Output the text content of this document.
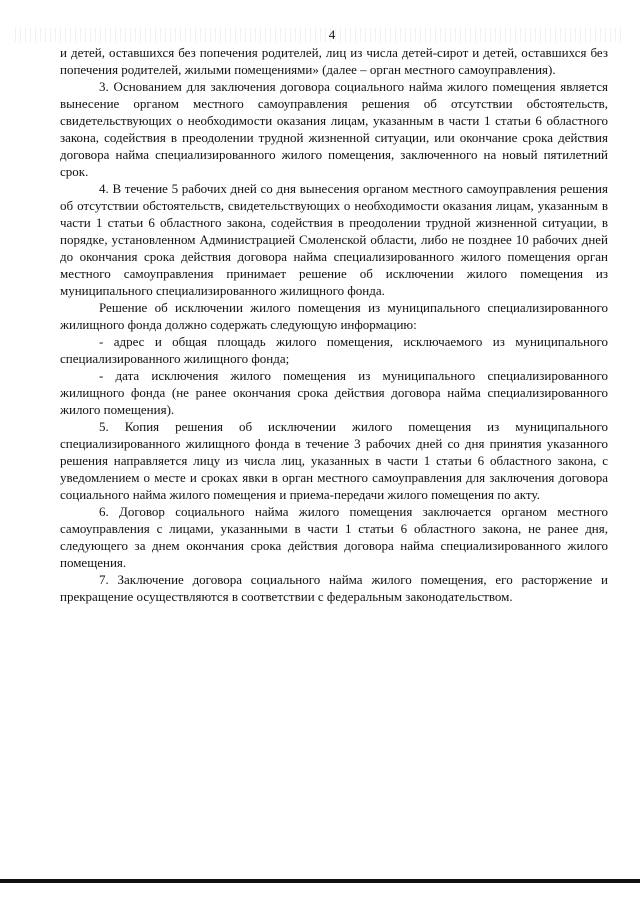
4

и детей, оставшихся без попечения родителей, лиц из числа детей-сирот и детей, оставшихся без попечения родителей, жилыми помещениями» (далее – орган местного самоуправления).

3. Основанием для заключения договора социального найма жилого помещения является вынесение органом местного самоуправления решения об отсутствии обстоятельств, свидетельствующих о необходимости оказания лицам, указанным в части 1 статьи 6 областного закона, содействия в преодолении трудной жизненной ситуации, или окончание срока действия договора найма специализированного жилого помещения, заключенного на новый пятилетний срок.

4. В течение 5 рабочих дней со дня вынесения органом местного самоуправления решения об отсутствии обстоятельств, свидетельствующих о необходимости оказания лицам, указанным в части 1 статьи 6 областного закона, содействия в преодолении трудной жизненной ситуации, в порядке, установленном Администрацией Смоленской области, либо не позднее 10 рабочих дней до окончания срока действия договора найма специализированного жилого помещения орган местного самоуправления принимает решение об исключении жилого помещения из муниципального специализированного жилищного фонда.

Решение об исключении жилого помещения из муниципального специализированного жилищного фонда должно содержать следующую информацию:

- адрес и общая площадь жилого помещения, исключаемого из муниципального специализированного жилищного фонда;

- дата исключения жилого помещения из муниципального специализированного жилищного фонда (не ранее окончания срока действия договора найма специализированного жилого помещения).

5. Копия решения об исключении жилого помещения из муниципального специализированного жилищного фонда в течение 3 рабочих дней со дня принятия указанного решения направляется лицу из числа лиц, указанных в части 1 статьи 6 областного закона, с уведомлением о месте и сроках явки в орган местного самоуправления для заключения договора социального найма жилого помещения и приема-передачи жилого помещения по акту.

6. Договор социального найма жилого помещения заключается органом местного самоуправления с лицами, указанными в части 1 статьи 6 областного закона, не ранее дня, следующего за днем окончания срока действия договора найма специализированного жилого помещения.

7. Заключение договора социального найма жилого помещения, его расторжение и прекращение осуществляются в соответствии с федеральным законодательством.
